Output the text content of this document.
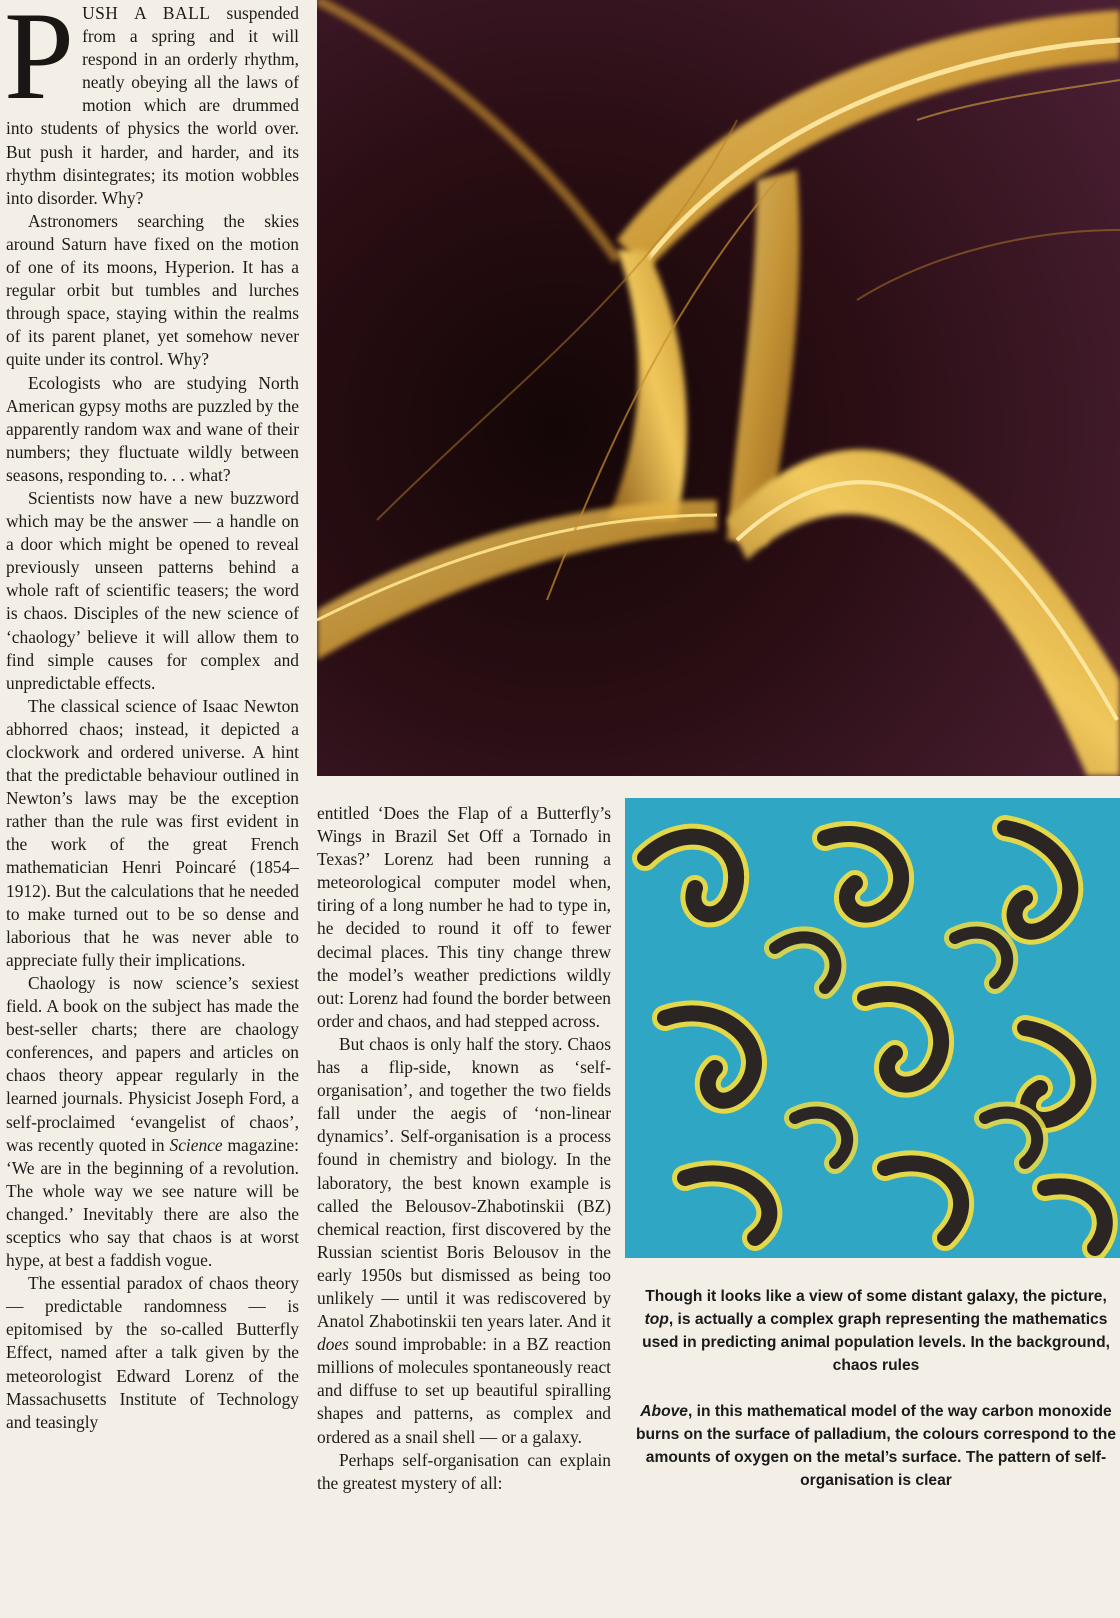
PUSH A BALL suspended from a spring and it will respond in an orderly rhythm, neatly obeying all the laws of motion which are drummed into students of physics the world over. But push it harder, and harder, and its rhythm disintegrates; its motion wobbles into disorder. Why?

Astronomers searching the skies around Saturn have fixed on the motion of one of its moons, Hyperion. It has a regular orbit but tumbles and lurches through space, staying within the realms of its parent planet, yet somehow never quite under its control. Why?

Ecologists who are studying North American gypsy moths are puzzled by the apparently random wax and wane of their numbers; they fluctuate wildly between seasons, responding to. . . what?

Scientists now have a new buzzword which may be the answer — a handle on a door which might be opened to reveal previously unseen patterns behind a whole raft of scientific teasers; the word is chaos. Disciples of the new science of ‘chaology’ believe it will allow them to find simple causes for complex and unpredictable effects.

The classical science of Isaac Newton abhorred chaos; instead, it depicted a clockwork and ordered universe. A hint that the predictable behaviour outlined in Newton’s laws may be the exception rather than the rule was first evident in the work of the great French mathematician Henri Poincaré (1854–1912). But the calculations that he needed to make turned out to be so dense and laborious that he was never able to appreciate fully their implications.

Chaology is now science’s sexiest field. A book on the subject has made the best-seller charts; there are chaology conferences, and papers and articles on chaos theory appear regularly in the learned journals. Physicist Joseph Ford, a self-proclaimed ‘evangelist of chaos’, was recently quoted in Science magazine: ‘We are in the beginning of a revolution. The whole way we see nature will be changed.’ Inevitably there are also the sceptics who say that chaos is at worst hype, at best a faddish vogue.

The essential paradox of chaos theory — predictable randomness — is epitomised by the so-called Butterfly Effect, named after a talk given by the meteorologist Edward Lorenz of the Massachusetts Institute of Technology and teasingly

entitled ‘Does the Flap of a Butterfly’s Wings in Brazil Set Off a Tornado in Texas?’ Lorenz had been running a meteorological computer model when, tiring of a long number he had to type in, he decided to round it off to fewer decimal places. This tiny change threw the model’s weather predictions wildly out: Lorenz had found the border between order and chaos, and had stepped across.

But chaos is only half the story. Chaos has a flip-side, known as ‘self-organisation’, and together the two fields fall under the aegis of ‘non-linear dynamics’. Self-organisation is a process found in chemistry and biology. In the laboratory, the best known example is called the Belousov-Zhabotinskii (BZ) chemical reaction, first discovered by the Russian scientist Boris Belousov in the early 1950s but dismissed as being too unlikely — until it was rediscovered by Anatol Zhabotinskii ten years later. And it does sound improbable: in a BZ reaction millions of molecules spontaneously react and diffuse to set up beautiful spiralling shapes and patterns, as complex and ordered as a snail shell — or a galaxy.

Perhaps self-organisation can explain the greatest mystery of all:

Though it looks like a view of some distant galaxy, the picture, top, is actually a complex graph representing the mathematics used in predicting animal population levels. In the background, chaos rules

Above, in this mathematical model of the way carbon monoxide burns on the surface of palladium, the colours correspond to the amounts of oxygen on the metal’s surface. The pattern of self-organisation is clear
